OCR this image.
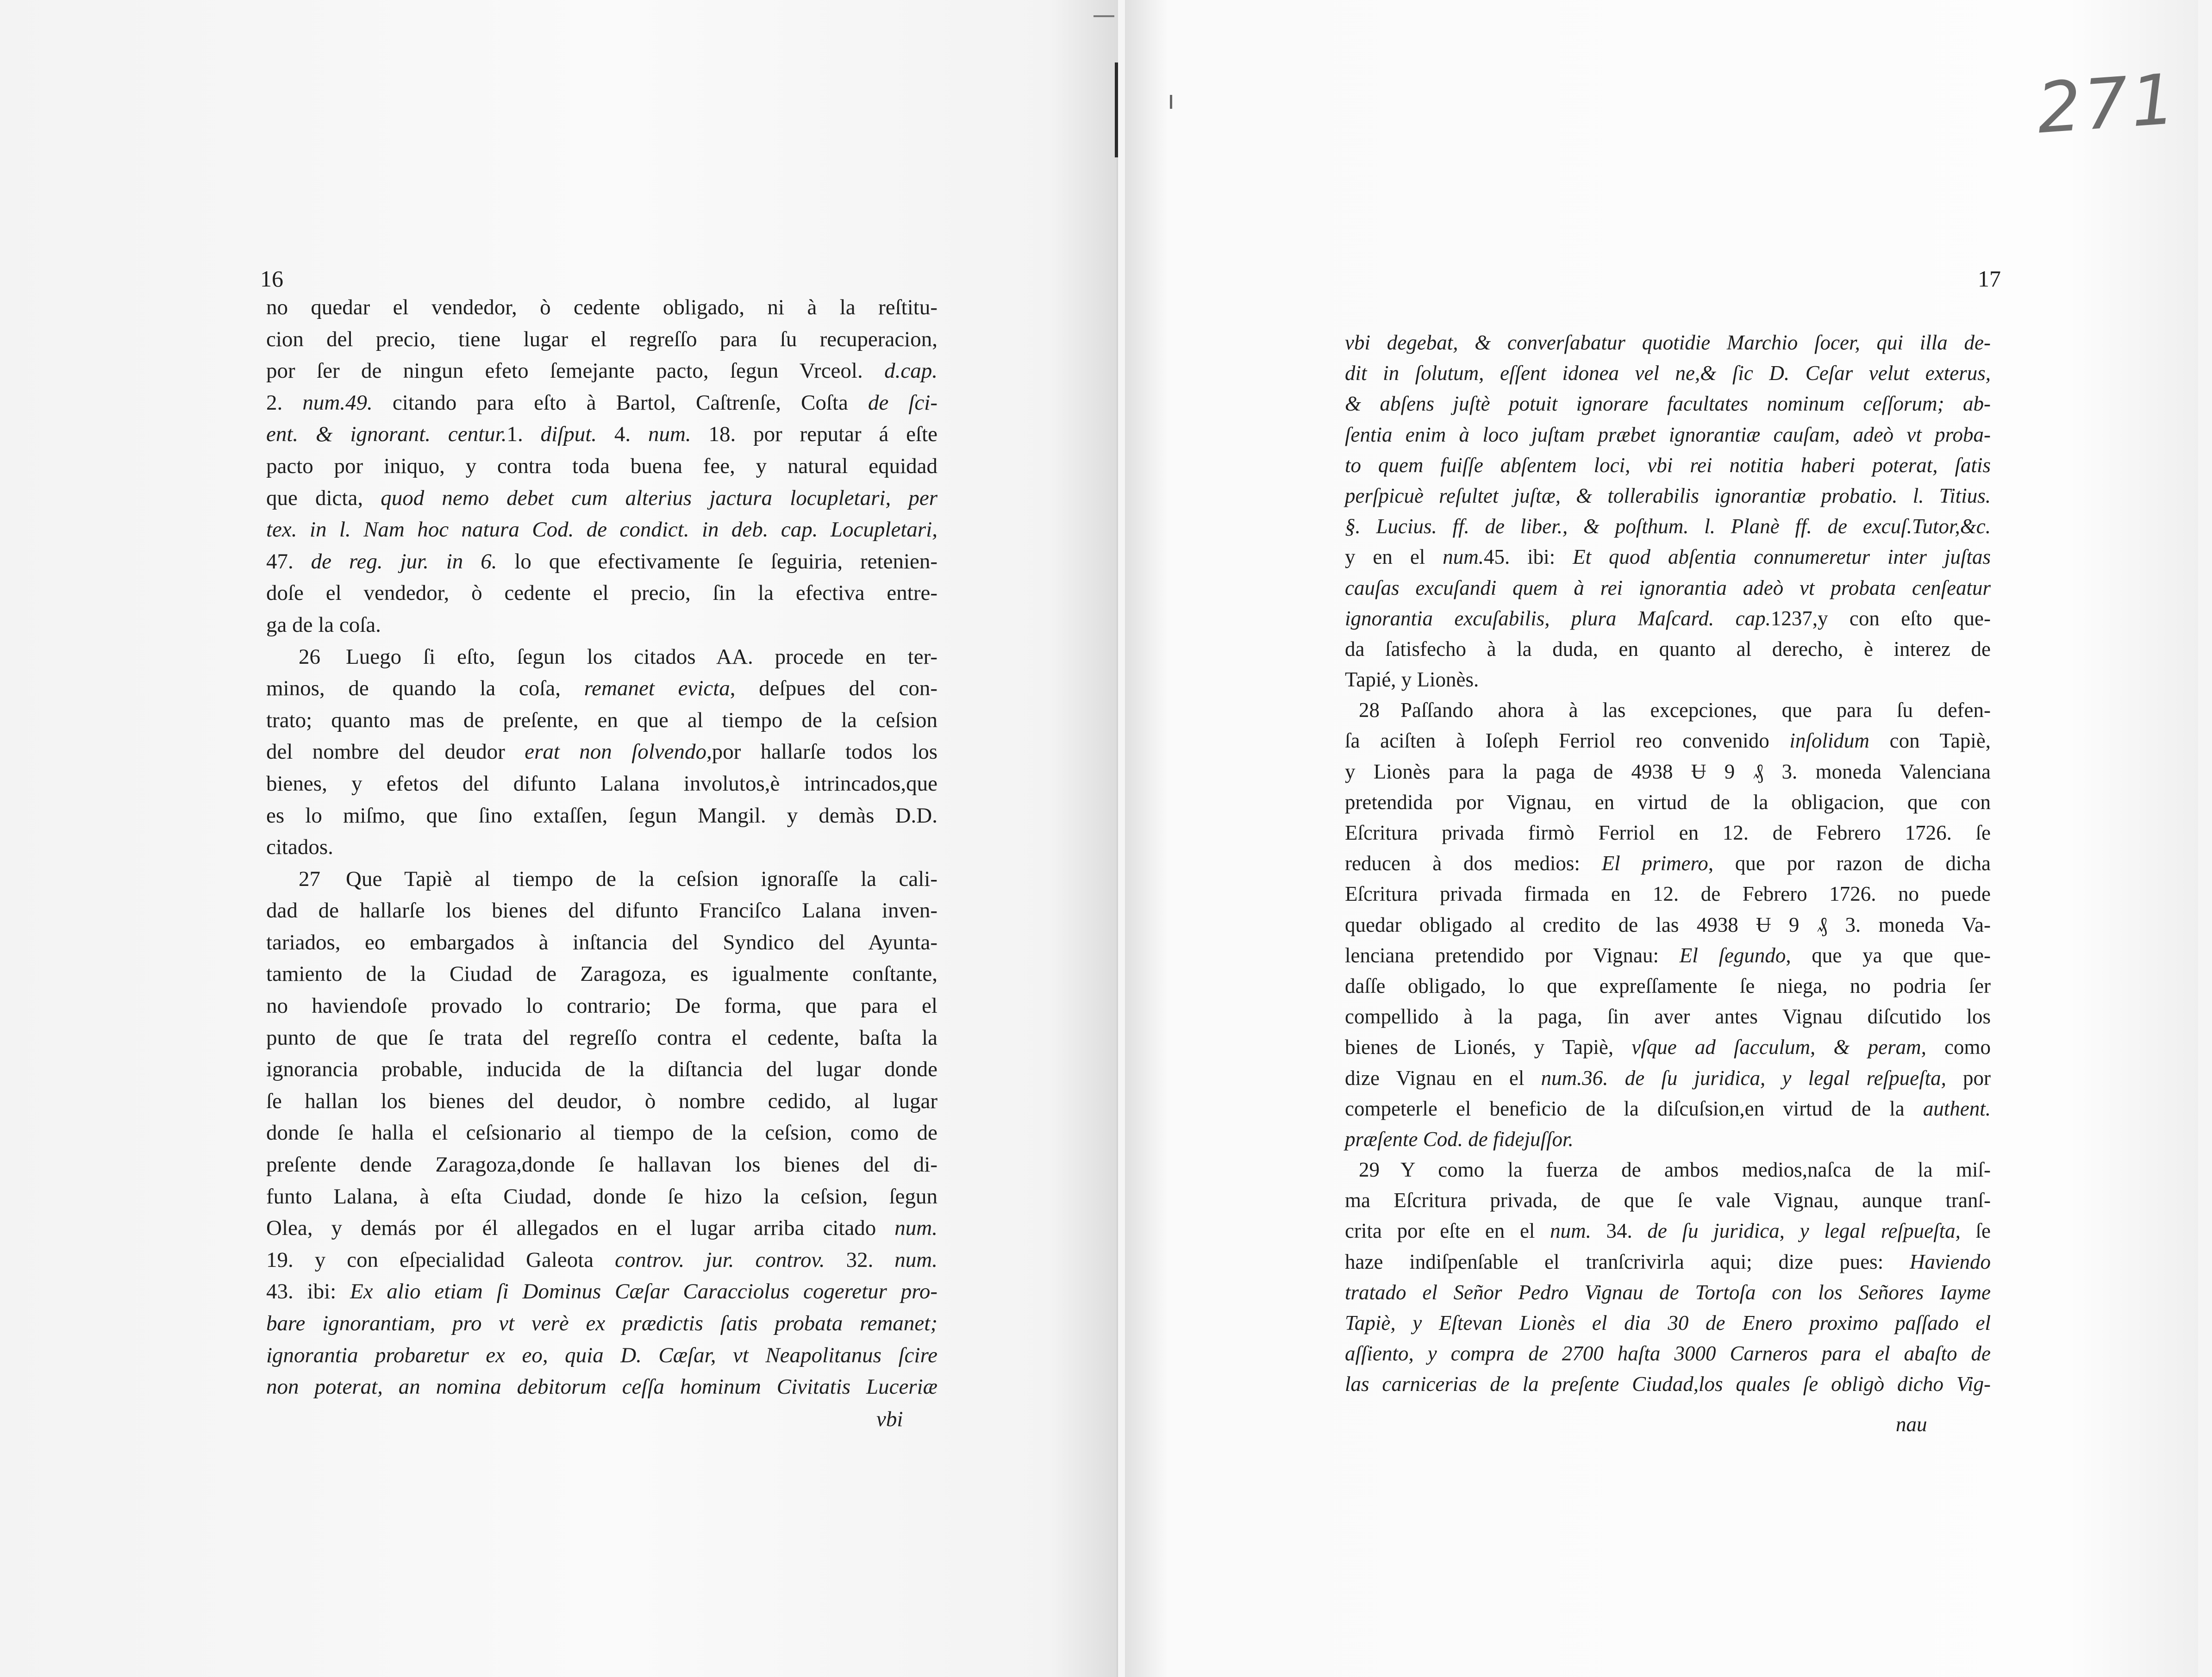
16	17
271
no quedar el vendedor, ò cedente obligado, ni à la reſtitu-
cion del precio, tiene lugar el regreſſo para ſu recuperacion,
por ſer de ningun efeto ſemejante pacto, ſegun Vrceol. d.cap.
2. num.49. citando para eſto à Bartol, Caſtrenſe, Coſta de ſci-
ent. & ignorant. centur.1. diſput. 4. num. 18. por reputar á eſte
pacto por iniquo, y contra toda buena fee, y natural equidad
que dicta, quod nemo debet cum alterius jactura locupletari, per
tex. in l. Nam hoc natura Cod. de condict. in deb. cap. Locupletari,
47. de reg. jur. in 6. lo que efectivamente ſe ſeguiria, retenien-
doſe el vendedor, ò cedente el precio, ſin la efectiva entre-
ga de la coſa.
26 Luego ſi eſto, ſegun los citados AA. procede en ter-
minos, de quando la coſa, remanet evicta, deſpues del con-
trato; quanto mas de preſente, en que al tiempo de la ceſsion
del nombre del deudor erat non ſolvendo,por hallarſe todos los
bienes, y efetos del difunto Lalana involutos,è intrincados,que
es lo miſmo, que ſino extaſſen, ſegun Mangil. y demàs D.D.
citados.
27 Que Tapiè al tiempo de la ceſsion ignoraſſe la cali-
dad de hallarſe los bienes del difunto Franciſco Lalana inven-
tariados, eo embargados à inſtancia del Syndico del Ayunta-
tamiento de la Ciudad de Zaragoza, es igualmente conſtante,
no haviendoſe provado lo contrario; De forma, que para el
punto de que ſe trata del regreſſo contra el cedente, baſta la
ignorancia probable, inducida de la diſtancia del lugar donde
ſe hallan los bienes del deudor, ò nombre cedido, al lugar
donde ſe halla el ceſsionario al tiempo de la ceſsion, como de
preſente dende Zaragoza,donde ſe hallavan los bienes del di-
funto Lalana, à eſta Ciudad, donde ſe hizo la ceſsion, ſegun
Olea, y demás por él allegados en el lugar arriba citado num.
19. y con eſpecialidad Galeota controv. jur. controv. 32. num.
43. ibi: Ex alio etiam ſi Dominus Cæſar Caracciolus cogeretur pro-
bare ignorantiam, pro vt verè ex prædictis ſatis probata remanet;
ignorantia probaretur ex eo, quia D. Cæſar, vt Neapolitanus ſcire
non poterat, an nomina debitorum ceſſa hominum Civitatis Luceriæ
vbi degebat, & converſabatur quotidie Marchio ſocer, qui illa de-
dit in ſolutum, eſſent idonea vel ne,& ſic D. Ceſar velut exterus,
& abſens juſtè potuit ignorare facultates nominum ceſſorum; ab-
ſentia enim à loco juſtam præbet ignorantiæ cauſam, adeò vt proba-
to quem fuiſſe abſentem loci, vbi rei notitia haberi poterat, ſatis
perſpicuè reſultet juſtæ, & tollerabilis ignorantiæ probatio. l. Titius.
§. Lucius. ff. de liber., & poſthum. l. Planè ff. de excuſ.Tutor,&c.
y en el num.45. ibi: Et quod abſentia connumeretur inter juſtas
cauſas excuſandi quem à rei ignorantia adeò vt probata cenſeatur
ignorantia excuſabilis, plura Maſcard. cap.1237,y con eſto que-
da ſatisfecho à la duda, en quanto al derecho, è interez de
Tapié, y Lionès.
28 Paſſando ahora à las excepciones, que para ſu defen-
ſa aciſten à Ioſeph Ferriol reo convenido inſolidum con Tapiè,
y Lionès para la paga de 4938 Ʉ 9 ₰ 3. moneda Valenciana
pretendida por Vignau, en virtud de la obligacion, que con
Eſcritura privada firmò Ferriol en 12. de Febrero 1726. ſe
reducen à dos medios: El primero, que por razon de dicha
Eſcritura privada firmada en 12. de Febrero 1726. no puede
quedar obligado al credito de las 4938 Ʉ 9 ₰ 3. moneda Va-
lenciana pretendido por Vignau: El ſegundo, que ya que que-
daſſe obligado, lo que expreſſamente ſe niega, no podria ſer
compellido à la paga, ſin aver antes Vignau diſcutido los
bienes de Lionés, y Tapiè, vſque ad ſacculum, & peram, como
dize Vignau en el num.36. de ſu juridica, y legal reſpueſta, por
competerle el beneficio de la diſcuſsion,en virtud de la authent.
præſente Cod. de fidejuſſor.
29 Y como la fuerza de ambos medios,naſca de la miſ-
ma Eſcritura privada, de que ſe vale Vignau, aunque tranſ-
crita por eſte en el num. 34. de ſu juridica, y legal reſpueſta, ſe
haze indiſpenſable el tranſcrivirla aqui; dize pues: Haviendo
tratado el Señor Pedro Vignau de Tortoſa con los Señores Iayme
Tapiè, y Eſtevan Lionès el dia 30 de Enero proximo paſſado el
aſſiento, y compra de 2700 haſta 3000 Carneros para el abaſto de
las carnicerias de la preſente Ciudad,los quales ſe obligò dicho Vig-
vbi	nau
